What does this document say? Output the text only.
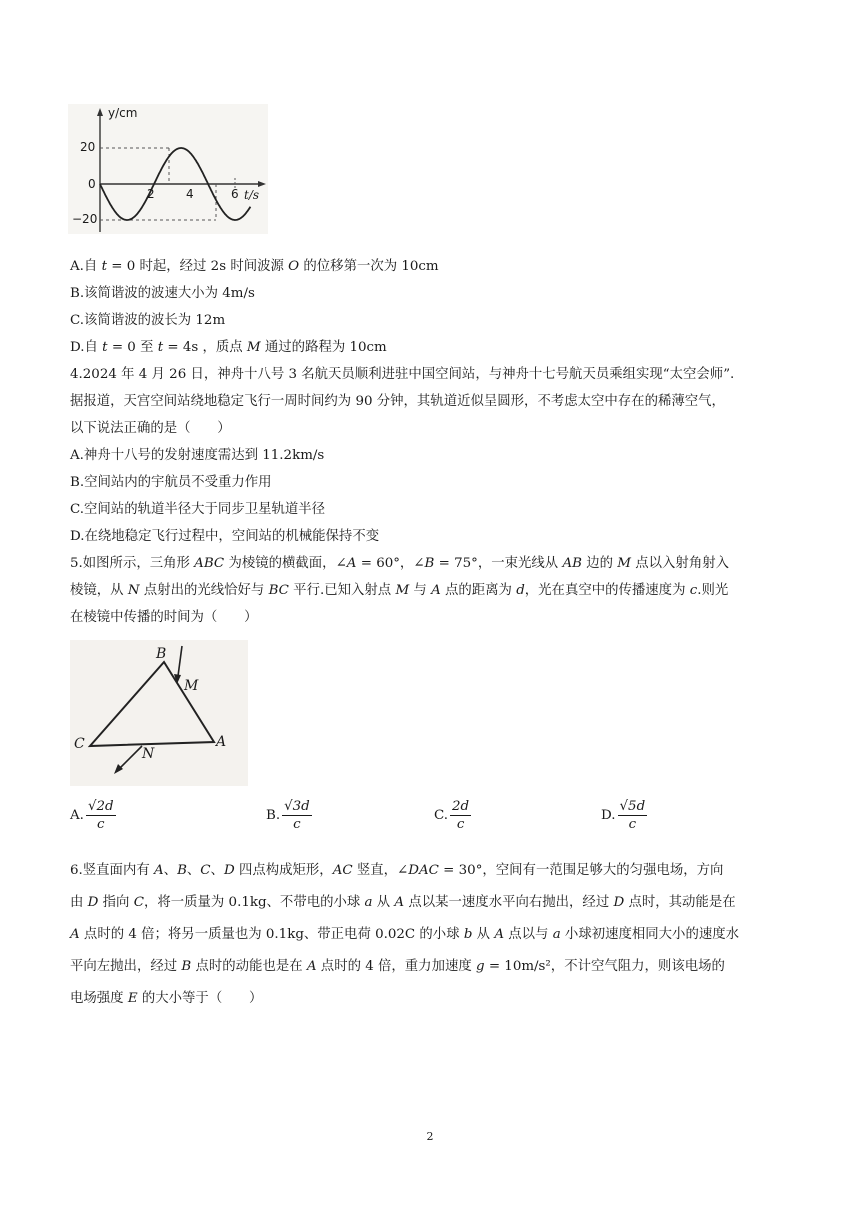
y/cm
t/s
20
0
−20
2	4	6
A.自 t = 0 时起，经过 2s 时间波源 O 的位移第一次为 10cm
B.该简谐波的波速大小为 4m/s
C.该简谐波的波长为 12m
D.自 t = 0 至 t = 4s ，质点 M 通过的路程为 10cm
4.2024 年 4 月 26 日，神舟十八号 3 名航天员顺利进驻中国空间站，与神舟十七号航天员乘组实现“太空会师”.
据报道，天宫空间站绕地稳定飞行一周时间约为 90 分钟，其轨道近似呈圆形，不考虑太空中存在的稀薄空气，
以下说法正确的是（　　）
A.神舟十八号的发射速度需达到 11.2km/s
B.空间站内的宇航员不受重力作用
C.空间站的轨道半径大于同步卫星轨道半径
D.在绕地稳定飞行过程中，空间站的机械能保持不变
5.如图所示，三角形 ABC 为棱镜的横截面，∠A = 60°，∠B = 75°，一束光线从 AB 边的 M 点以入射角射入
棱镜，从 N 点射出的光线恰好与 BC 平行.已知入射点 M 与 A 点的距离为 d，光在真空中的传播速度为 c.则光
在棱镜中传播的时间为（　　）
B
M
C
N
A
A. $\frac{√2d}{c}$	B. $\frac{√3d}{c}$	C. $\frac{2d}{c}$	D. $\frac{√5d}{c}$
6.竖直面内有 A、B、C、D 四点构成矩形，AC 竖直，∠DAC = 30°，空间有一范围足够大的匀强电场，方向
由 D 指向 C，将一质量为 0.1kg、不带电的小球 a 从 A 点以某一速度水平向右抛出，经过 D 点时，其动能是在
A 点时的 4 倍；将另一质量也为 0.1kg、带正电荷 0.02C 的小球 b 从 A 点以与 a 小球初速度相同大小的速度水
平向左抛出，经过 B 点时的动能也是在 A 点时的 4 倍，重力加速度 g = 10m/s²，不计空气阻力，则该电场的
电场强度 E 的大小等于（　　）
2
